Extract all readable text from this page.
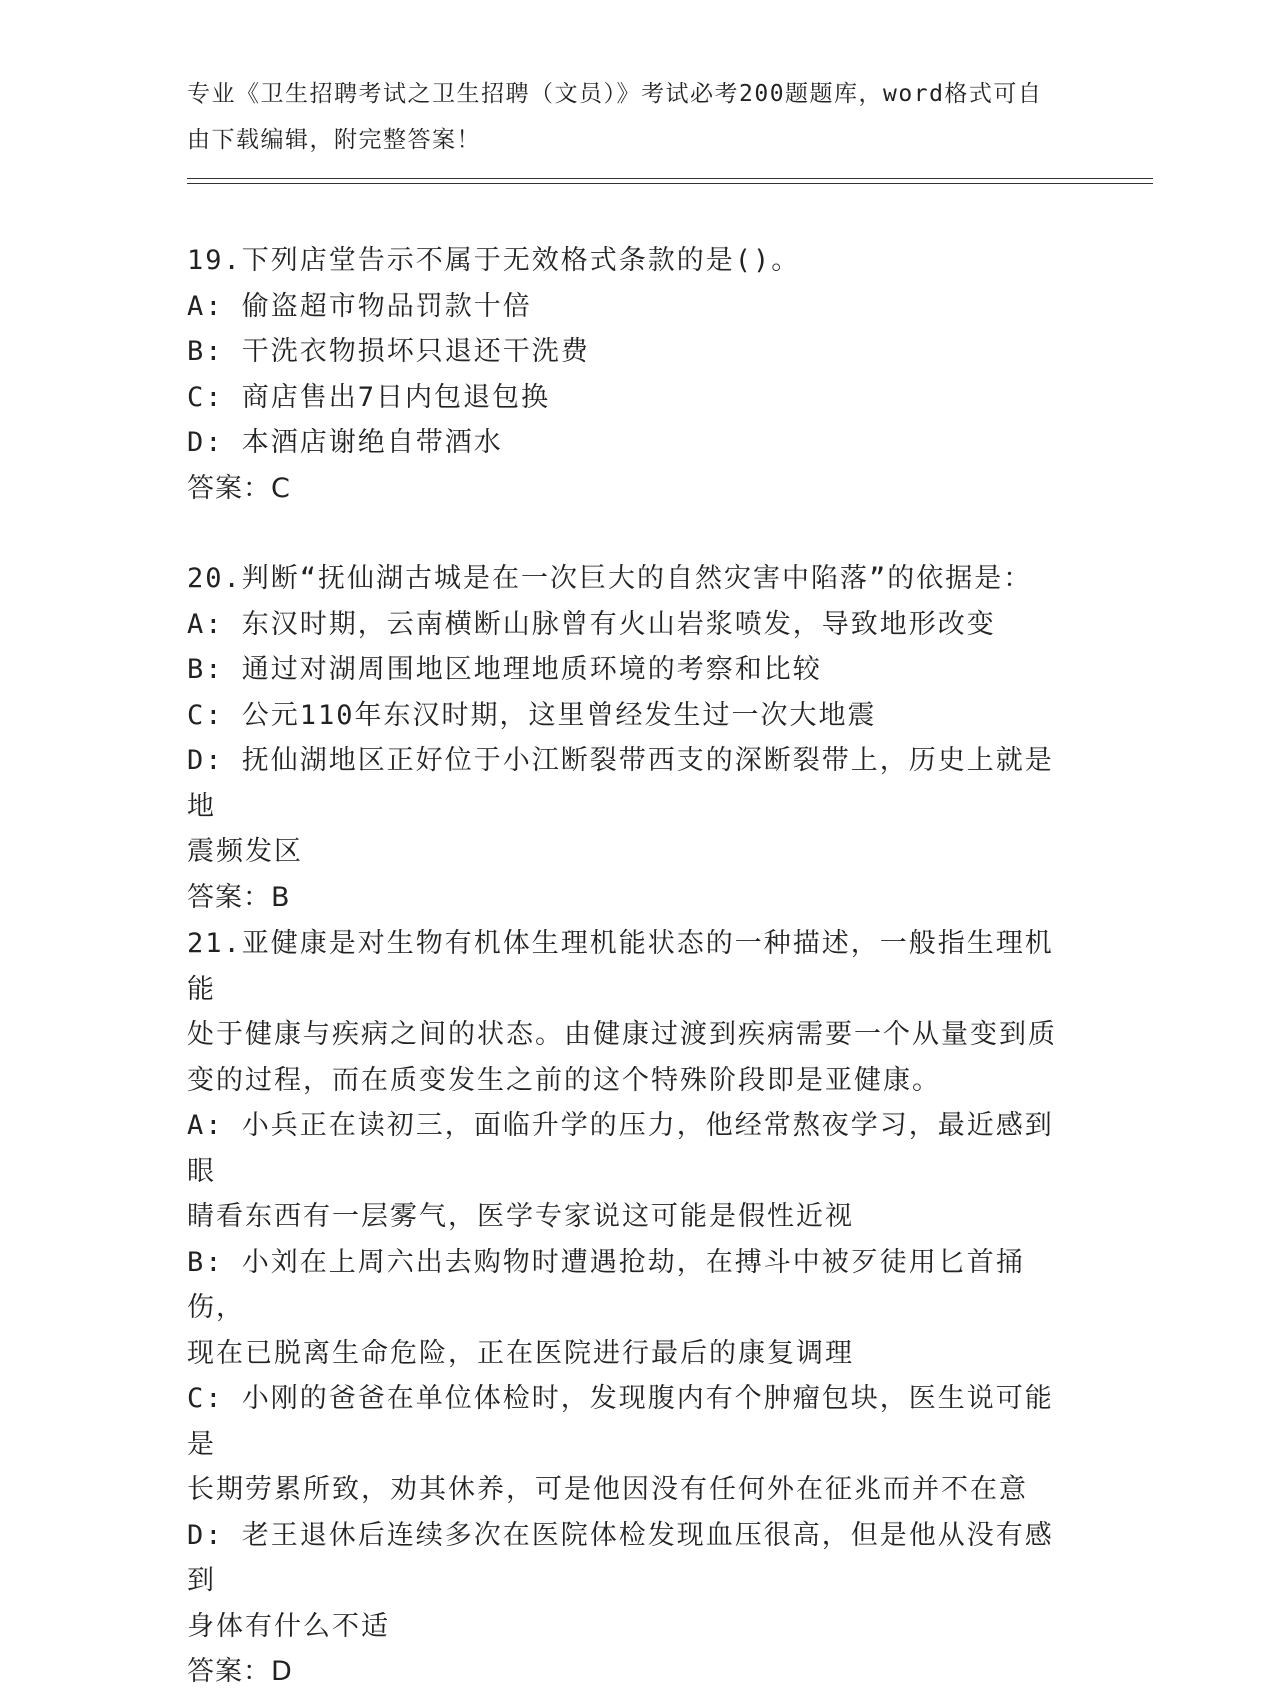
专业《卫生招聘考试之卫生招聘（文员）》考试必考200题题库，word格式可自
由下载编辑，附完整答案！
19.下列店堂告示不属于无效格式条款的是()。
A: 偷盗超市物品罚款十倍
B: 干洗衣物损坏只退还干洗费
C: 商店售出7日内包退包换
D: 本酒店谢绝自带酒水
答案：C
20.判断“抚仙湖古城是在一次巨大的自然灾害中陷落”的依据是：
A: 东汉时期，云南横断山脉曾有火山岩浆喷发，导致地形改变
B: 通过对湖周围地区地理地质环境的考察和比较
C: 公元110年东汉时期，这里曾经发生过一次大地震
D: 抚仙湖地区正好位于小江断裂带西支的深断裂带上，历史上就是地
震频发区
答案：B
21.亚健康是对生物有机体生理机能状态的一种描述，一般指生理机能
处于健康与疾病之间的状态。由健康过渡到疾病需要一个从量变到质
变的过程，而在质变发生之前的这个特殊阶段即是亚健康。
A: 小兵正在读初三，面临升学的压力，他经常熬夜学习，最近感到眼
睛看东西有一层雾气，医学专家说这可能是假性近视
B: 小刘在上周六出去购物时遭遇抢劫，在搏斗中被歹徒用匕首捅伤，
现在已脱离生命危险，正在医院进行最后的康复调理
C: 小刚的爸爸在单位体检时，发现腹内有个肿瘤包块，医生说可能是
长期劳累所致，劝其休养，可是他因没有任何外在征兆而并不在意
D: 老王退休后连续多次在医院体检发现血压很高，但是他从没有感到
身体有什么不适
答案：D
